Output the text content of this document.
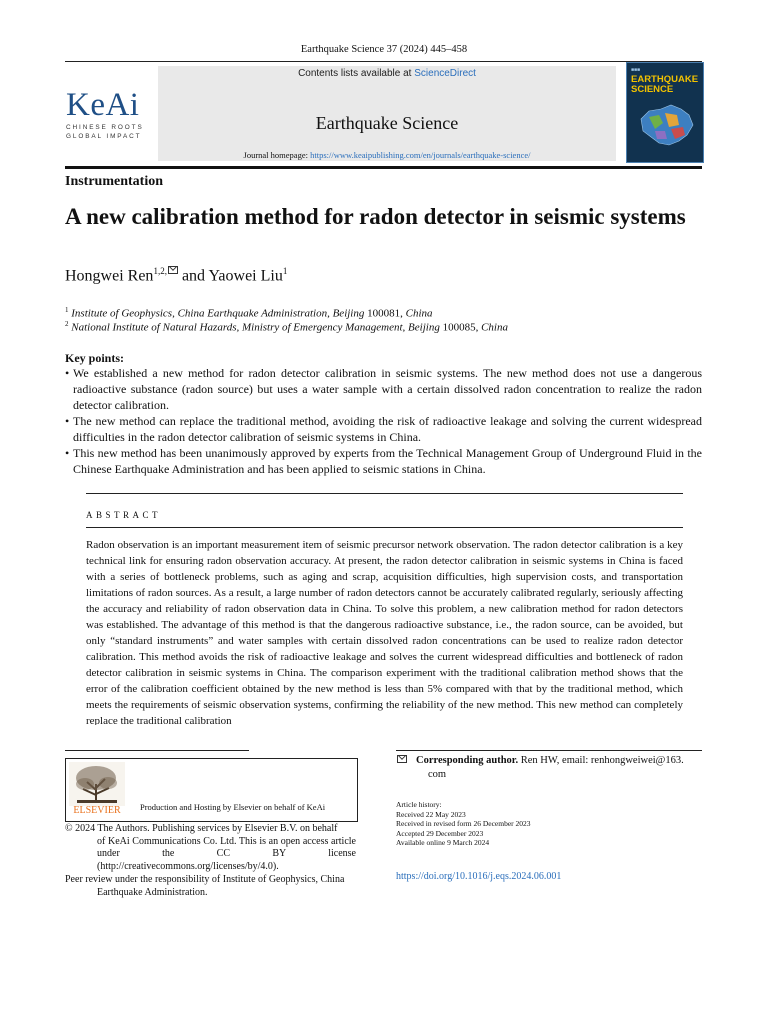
Earthquake Science 37 (2024) 445–458
KeAi
CHINESE ROOTS
GLOBAL IMPACT
Contents lists available at ScienceDirect
Earthquake Science
Journal homepage: https://www.keaipublishing.com/en/journals/earthquake-science/
■■■
EARTHQUAKE
SCIENCE
Instrumentation
A new calibration method for radon detector in seismic systems
Hongwei Ren$^{1,2,}$ and Yaowei Liu$^1$
$^1$ Institute of Geophysics, China Earthquake Administration, Beijing 100081, China
$^2$ National Institute of Natural Hazards, Ministry of Emergency Management, Beijing 100085, China
Key points:
• We established a new method for radon detector calibration in seismic systems. The new method does not use a dangerous radioactive substance (radon source) but uses a water sample with a certain dissolved radon concentration to realize the radon detector calibration.
• The new method can replace the traditional method, avoiding the risk of radioactive leakage and solving the current widespread difficulties in the radon detector calibration of seismic systems in China.
• This new method has been unanimously approved by experts from the Technical Management Group of Underground Fluid in the Chinese Earthquake Administration and has been applied to seismic stations in China.
ABSTRACT

Radon observation is an important measurement item of seismic precursor network observation. The radon detector calibration is a key technical link for ensuring radon observation accuracy. At present, the radon detector calibration in seismic systems in China is faced with a series of bottleneck problems, such as aging and scrap, acquisition difficulties, high supervision costs, and transportation limitations of radon sources. As a result, a large number of radon detectors cannot be accurately calibrated regularly, seriously affecting the accuracy and reliability of radon observation data in China. To solve this problem, a new calibration method for radon detectors was established. The advantage of this method is that the dangerous radioactive substance, i.e., the radon source, can be avoided, but only “standard instruments” and water samples with certain dissolved radon concentrations can be used to realize radon detector calibration. This method avoids the risk of radioactive leakage and solves the current widespread difficulties and bottleneck of radon detector calibration in seismic systems in China. The comparison experiment with the traditional calibration method shows that the error of the calibration coefficient obtained by the new method is less than 5% compared with that by the traditional method, which meets the requirements of seismic observation systems, confirming the reliability of the new method. This new method can completely replace the traditional calibration

ELSEVIER	Production and Hosting by Elsevier on behalf of KeAi
© 2024 The Authors. Publishing services by Elsevier B.V. on behalf
of KeAi Communications Co. Ltd. This is an open access article under the CC BY license (http://creativecommons.org/licenses/by/4.0).
Peer review under the responsibility of Institute of Geophysics, China
Earthquake Administration.
Corresponding author. Ren HW, email: renhongweiwei@163.
com
Article history:
Received 22 May 2023
Received in revised form 26 December 2023
Accepted 29 December 2023
Available online 9 March 2024
https://doi.org/10.1016/j.eqs.2024.06.001
